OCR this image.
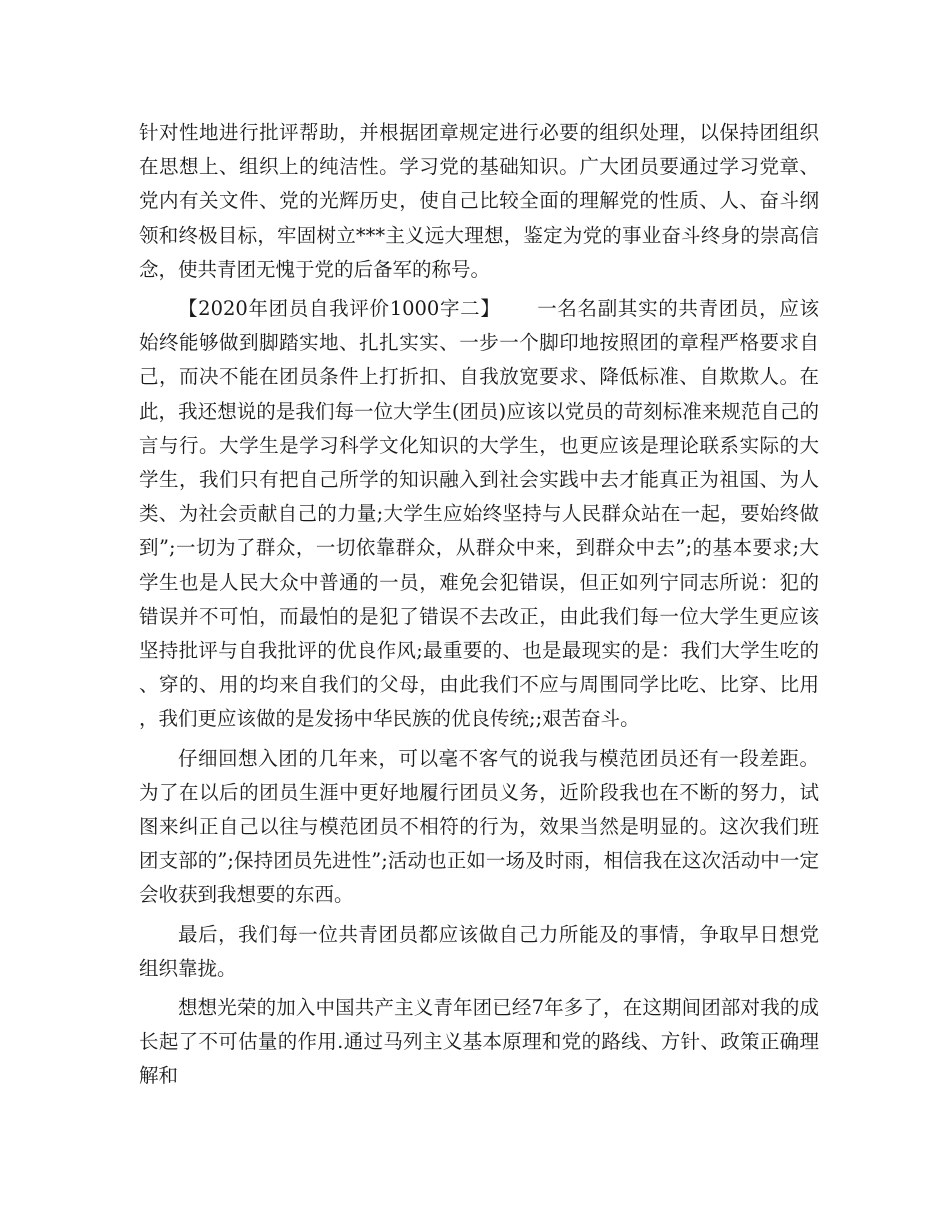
针对性地进行批评帮助，并根据团章规定进行必要的组织处理，以保持团组织在思想上、组织上的纯洁性。学习党的基础知识。广大团员要通过学习党章、党内有关文件、党的光辉历史，使自己比较全面的理解党的性质、人、奋斗纲领和终极目标，牢固树立***主义远大理想，鉴定为党的事业奋斗终身的崇高信念，使共青团无愧于党的后备军的称号。

【2020年团员自我评价1000字二】 一名名副其实的共青团员，应该始终能够做到脚踏实地、扎扎实实、一步一个脚印地按照团的章程严格要求自己，而决不能在团员条件上打折扣、自我放宽要求、降低标准、自欺欺人。在此，我还想说的是我们每一位大学生(团员)应该以党员的苛刻标准来规范自己的言与行。大学生是学习科学文化知识的大学生，也更应该是理论联系实际的大学生，我们只有把自己所学的知识融入到社会实践中去才能真正为祖国、为人类、为社会贡献自己的力量;大学生应始终坚持与人民群众站在一起，要始终做到”;一切为了群众，一切依靠群众，从群众中来，到群众中去”;的基本要求;大学生也是人民大众中普通的一员，难免会犯错误，但正如列宁同志所说：犯的错误并不可怕，而最怕的是犯了错误不去改正，由此我们每一位大学生更应该坚持批评与自我批评的优良作风;最重要的、也是最现实的是：我们大学生吃的、穿的、用的均来自我们的父母，由此我们不应与周围同学比吃、比穿、比用，我们更应该做的是发扬中华民族的优良传统;;艰苦奋斗。

仔细回想入团的几年来，可以毫不客气的说我与模范团员还有一段差距。为了在以后的团员生涯中更好地履行团员义务，近阶段我也在不断的努力，试图来纠正自己以往与模范团员不相符的行为，效果当然是明显的。这次我们班团支部的”;保持团员先进性”;活动也正如一场及时雨，相信我在这次活动中一定会收获到我想要的东西。

最后，我们每一位共青团员都应该做自己力所能及的事情，争取早日想党组织靠拢。

想想光荣的加入中国共产主义青年团已经7年多了，在这期间团部对我的成长起了不可估量的作用.通过马列主义基本原理和党的路线、方针、政策正确理解和
